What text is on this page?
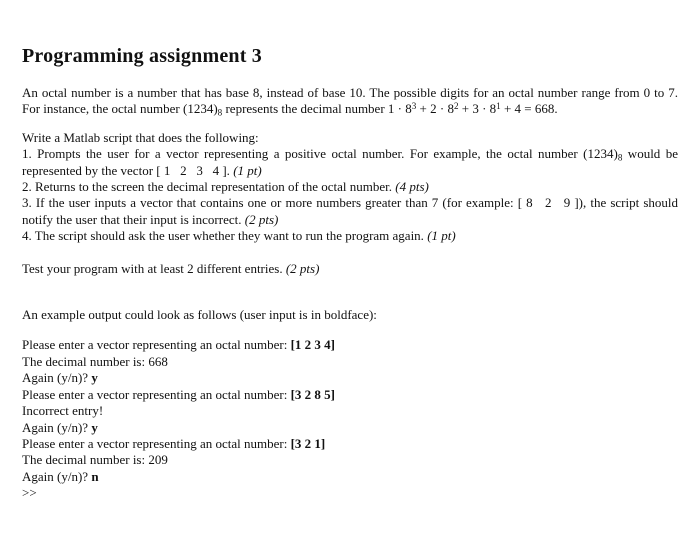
Programming assignment 3

An octal number is a number that has base 8, instead of base 10. The possible digits for an octal number range from 0 to 7. For instance, the octal number $(1234)_8$ represents the decimal number $1 \cdot 8^3 + 2 \cdot 8^2 + 3 \cdot 8^1 + 4 = 668$.

Write a Matlab script that does the following:

1. Prompts the user for a vector representing a positive octal number. For example, the octal number $(1234)_8$ would be represented by the vector [ 1   2   3   4 ]. (1 pt)

2. Returns to the screen the decimal representation of the octal number. (4 pts)

3. If the user inputs a vector that contains one or more numbers greater than 7 (for example: [ 8   2   9 ]), the script should notify the user that their input is incorrect. (2 pts)

4. The script should ask the user whether they want to run the program again. (1 pt)

Test your program with at least 2 different entries. (2 pts)

An example output could look as follows (user input is in boldface):

Please enter a vector representing an octal number: [1 2 3 4]

The decimal number is: 668

Again (y/n)? y

Please enter a vector representing an octal number: [3 2 8 5]

Incorrect entry!

Again (y/n)? y

Please enter a vector representing an octal number: [3 2 1]

The decimal number is: 209

Again (y/n)? n

>>
